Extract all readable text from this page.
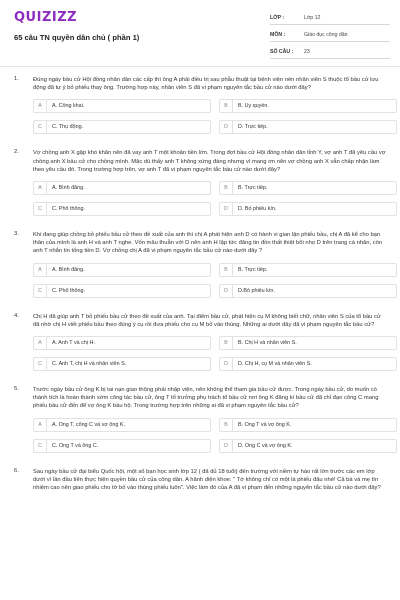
QUIZIZZ
65 câu TN quyền dân chủ ( phần 1)
LỚP :	Lớp 12
MÔN :	Giáo dục công dân
SỐ CÂU :	23
1. Đúng ngày bầu cử Hội đồng nhân dân các cấp thì ông A phải điều trị sau phẫu thuật tại bệnh viện nên nhân viên S thuộc tổ bầu cử lưu động đã tự ý bỏ phiếu thay ông. Trường hợp này, nhân viên S đã vi phạm nguyên tắc bầu cử nào dưới đây?
A	A. Công khai.	B	B. Ủy quyền.
C	C. Thụ động.	D	D. Trực tiếp.
2. Vợ chồng anh X gặp khó khăn nên đã vay anh T một khoản tiền lớn. Trong đợt bầu cử Hội đồng nhân dân tỉnh Y, vợ anh T đã yêu cầu vợ chồng anh X bầu cử cho chồng mình. Mặc dù thấy anh T không xứng đáng nhưng vì mang ơn nên vợ chồng anh X vẫn chấp nhận làm theo yêu cầu đó. Trong trường hợp trên, vợ anh T đã vi phạm nguyên tắc bầu cử nào dưới đây?
A	A. Bình đẳng.	B	B. Trực tiếp.
C	C. Phổ thông.	D	D. Bỏ phiếu kín.
3. Khi đang giúp chồng bỏ phiếu bầu cử theo đề xuất của anh thì chị A phát hiện anh D có hành vi gian lận phiếu bầu, chị A đã kể cho bạn thân của mình là anh H và anh T nghe. Vốn mâu thuẫn với D nên anh H lập tức đăng tin đồn thất thiệt bôi nhọ D trên trang cá nhân, còn anh T nhắn tin tống tiền D. Vợ chồng chị A đã vi phạm nguyên tắc bầu cử nào dưới đây ?
A	A. Bình đẳng.	B	B. Trực tiếp.
C	C. Phổ thông.	D	D.Bỏ phiếu kín.
4. Chị H đã giúp anh T bỏ phiếu bầu cử theo đề xuất của anh. Tại điểm bầu cử, phát hiện cụ M không biết chữ, nhân viên S của tổ bầu cử đã nhờ chị H viết phiếu bầu theo đúng ý cụ rồi đưa phiếu cho cụ M bỏ vào thùng. Những ai dưới đây đã vi phạm nguyên tắc bầu cử?
A	A. Anh T và chị H.	B	B. Chị H và nhân viên S.
C	C. Anh T, chị H và nhân viên S.	D	D. Chị H, cụ M và nhân viên S.
5. Trước ngày bầu cử ông K bị tai nạn giao thông phải nhập viện, nên không thể tham gia bầu cử được. Trong ngày bầu cử, do muốn có thành tích là hoàn thành sớm công tác bầu cử, ông T tổ trưởng phụ trách tổ bầu cử nơi ông K đăng kí bầu cử đã chỉ đạo công C mang phiếu bầu cử đến để vợ ông K bầu hộ. Trong trường hợp trên những ai đã vi phạm nguyên tắc bầu cử?
A	A. Ông T, công C và vợ ông K.	B	B. Ông T và vợ ông K.
C	C. Ông T và ông C.	D	D. Ông C và vợ ông K.
6. Sau ngày bầu cử đại biểu Quốc hội, một số bạn học sinh lớp 12 ( đã đủ 18 tuổi) đến trường với niềm tự hào rất lớn trước các em lớp dưới vì lần đầu tiên thực hiện quyền bầu cử của công dân. A hãnh diện khoe: " Tớ không chỉ có một lá phiếu đâu nhé! Cả bà và mẹ tín nhiệm cao nên giao phiếu cho tớ bỏ vào thùng phiếu luôn". Việc làm đó của A đã vi phạm đến những nguyên tắc bầu cử nào dưới đây?
